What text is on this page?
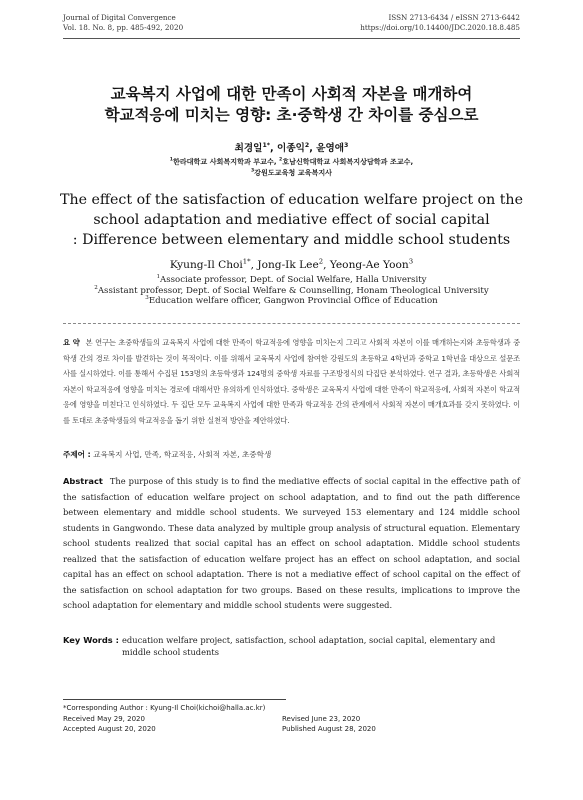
Journal of Digital Convergence
Vol. 18. No. 8, pp. 485-492, 2020
ISSN 2713-6434 / eISSN 2713-6442
https://doi.org/10.14400/JDC.2020.18.8.485
교육복지 사업에 대한 만족이 사회적 자본을 매개하여
학교적응에 미치는 영향: 초·중학생 간 차이를 중심으로
최경일$^{1*}$, 이종익$^2$, 윤영애$^3$
$^1$한라대학교 사회복지학과 부교수, $^2$호남신학대학교 사회복지상담학과 조교수,
$^3$강원도교육청 교육복지사
The effect of the satisfaction of education welfare project on the
school adaptation and mediative effect of social capital
: Difference between elementary and middle school students
Kyung-Il Choi$^{1*}$, Jong-Ik Lee$^2$, Yeong-Ae Yoon$^3$
$^1$Associate professor, Dept. of Social Welfare, Halla University
$^2$Assistant professor, Dept. of Social Welfare & Counselling, Honam Theological University
$^3$Education welfare officer, Gangwon Provincial Office of Education
요 약 본 연구는 초중학생들의 교육복지 사업에 대한 만족이 학교적응에 영향을 미치는지 그리고 사회적 자본이 이를 매개하는지와 초등학생과 중학생 간의 경로 차이를 발견하는 것이 목적이다. 이를 위해서 교육복지 사업에 참여한 강원도의 초등학교 4학년과 중학교 1학년을 대상으로 설문조사를 실시하였다. 이를 통해서 수집된 153명의 초등학생과 124명의 중학생 자료를 구조방정식의 다집단 분석하였다. 연구 결과, 초등학생은 사회적 자본이 학교적응에 영향을 미치는 경로에 대해서만 유의하게 인식하였다. 중학생은 교육복지 사업에 대한 만족이 학교적응에, 사회적 자본이 학교적응에 영향을 미친다고 인식하였다. 두 집단 모두 교육복지 사업에 대한 만족과 학교적응 간의 관계에서 사회적 자본이 매개효과를 갖지 못하였다. 이를 토대로 초중학생들의 학교적응을 돕기 위한 실천적 방안을 제안하였다.
주제어 : 교육복지 사업, 만족, 학교적응, 사회적 자본, 초중학생
Abstract The purpose of this study is to find the mediative effects of social capital in the effective path of the satisfaction of education welfare project on school adaptation, and to find out the path difference between elementary and middle school students. We surveyed 153 elementary and 124 middle school students in Gangwondo. These data analyzed by multiple group analysis of structural equation. Elementary school students realized that social capital has an effect on school adaptation. Middle school students realized that the satisfaction of education welfare project has an effect on school adaptation, and social capital has an effect on school adaptation. There is not a mediative effect of school capital on the effect of the satisfaction on school adaptation for two groups. Based on these results, implications to improve the school adaptation for elementary and middle school students were suggested.
Key Words : education welfare project, satisfaction, school adaptation, social capital, elementary and middle school students
*Corresponding Author : Kyung-Il Choi(kichoi@halla.ac.kr)
Received May 29, 2020	Revised June 23, 2020
Accepted August 20, 2020	Published August 28, 2020
